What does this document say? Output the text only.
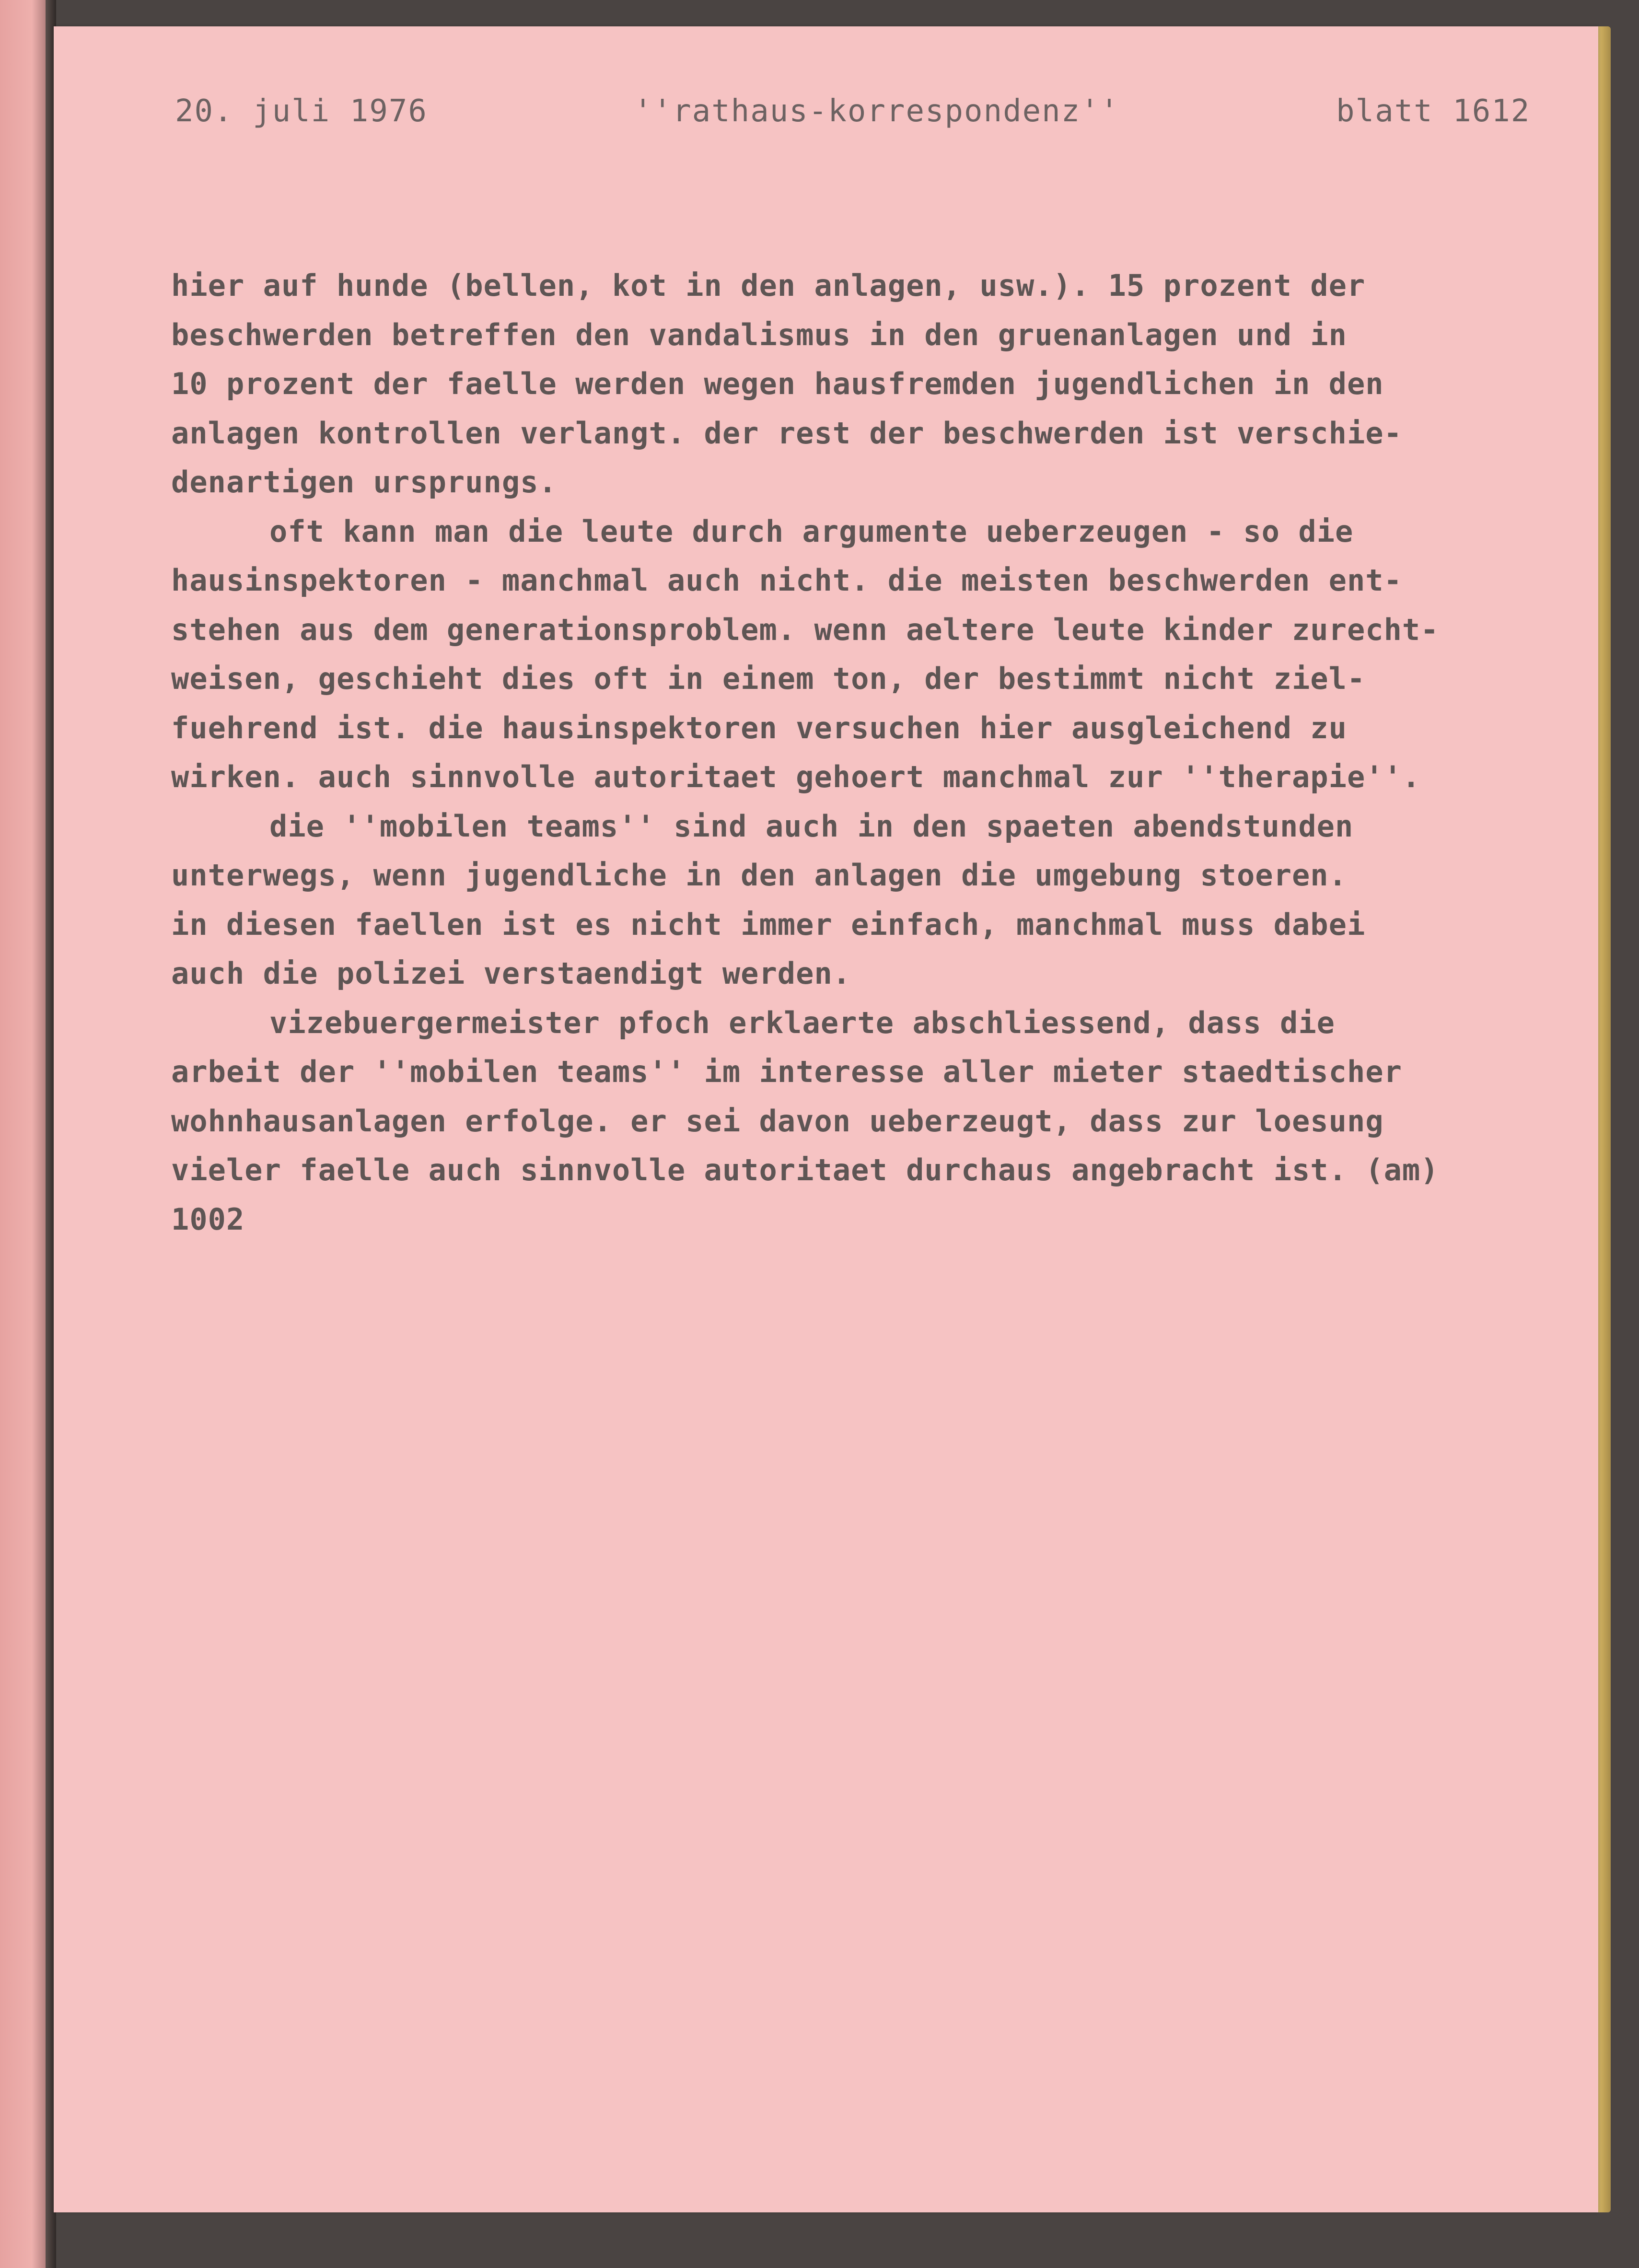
20. juli 1976	''rathaus-korrespondenz''	blatt 1612
hier auf hunde (bellen, kot in den anlagen, usw.). 15 prozent der
beschwerden betreffen den vandalismus in den gruenanlagen und in
10 prozent der faelle werden wegen hausfremden jugendlichen in den
anlagen kontrollen verlangt. der rest der beschwerden ist verschie-
denartigen ursprungs.
oft kann man die leute durch argumente ueberzeugen - so die
hausinspektoren - manchmal auch nicht. die meisten beschwerden ent-
stehen aus dem generationsproblem. wenn aeltere leute kinder zurecht-
weisen, geschieht dies oft in einem ton, der bestimmt nicht ziel-
fuehrend ist. die hausinspektoren versuchen hier ausgleichend zu
wirken. auch sinnvolle autoritaet gehoert manchmal zur ''therapie''.
die ''mobilen teams'' sind auch in den spaeten abendstunden
unterwegs, wenn jugendliche in den anlagen die umgebung stoeren.
in diesen faellen ist es nicht immer einfach, manchmal muss dabei
auch die polizei verstaendigt werden.
vizebuergermeister pfoch erklaerte abschliessend, dass die
arbeit der ''mobilen teams'' im interesse aller mieter staedtischer
wohnhausanlagen erfolge. er sei davon ueberzeugt, dass zur loesung
vieler faelle auch sinnvolle autoritaet durchaus angebracht ist. (am)
1002
